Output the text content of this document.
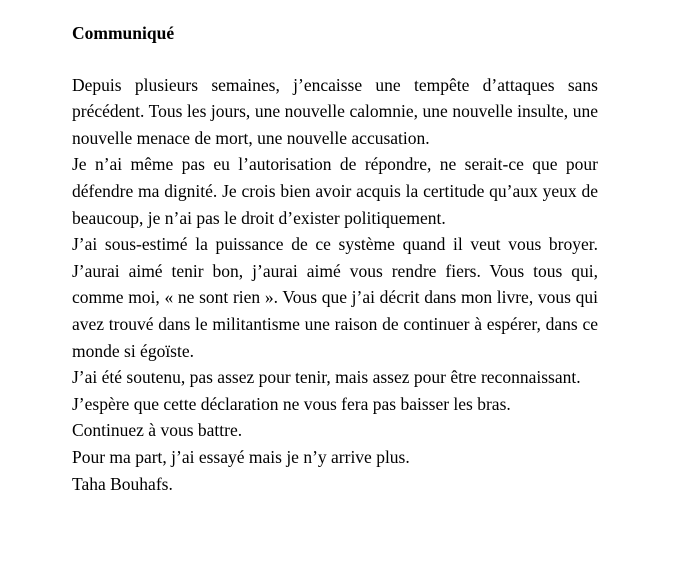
Communiqué

Depuis plusieurs semaines, j’encaisse une tempête d’attaques sans précédent. Tous les jours, une nouvelle calomnie, une nouvelle insulte, une nouvelle menace de mort, une nouvelle accusation.

Je n’ai même pas eu l’autorisation de répondre, ne serait-ce que pour défendre ma dignité. Je crois bien avoir acquis la certitude qu’aux yeux de beaucoup, je n’ai pas le droit d’exister politiquement.

J’ai sous-estimé la puissance de ce système quand il veut vous broyer. J’aurai aimé tenir bon, j’aurai aimé vous rendre fiers. Vous tous qui, comme moi, « ne sont rien ». Vous que j’ai décrit dans mon livre, vous qui avez trouvé dans le militantisme une raison de continuer à espérer, dans ce monde si égoïste.

J’ai été soutenu, pas assez pour tenir, mais assez pour être reconnaissant.

J’espère que cette déclaration ne vous fera pas baisser les bras.

Continuez à vous battre.

Pour ma part, j’ai essayé mais je n’y arrive plus.

Taha Bouhafs.
